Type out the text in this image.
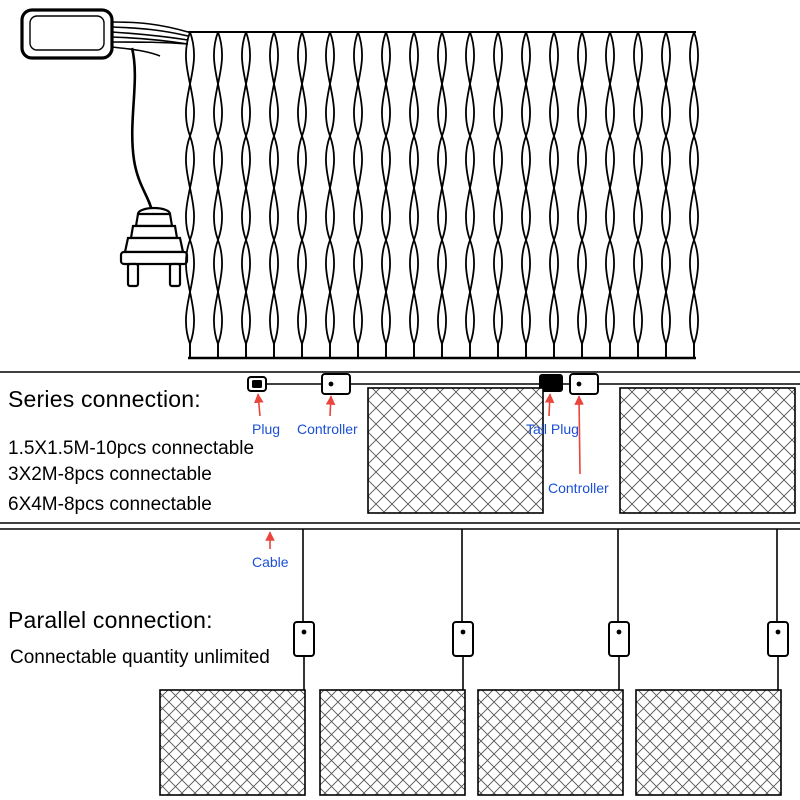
Series connection:
1.5X1.5M-10pcs connectable
3X2M-8pcs connectable
6X4M-8pcs connectable
Parallel connection:
Connectable quantity unlimited
Plug Controller	Tail Plug
Controller
Cable
